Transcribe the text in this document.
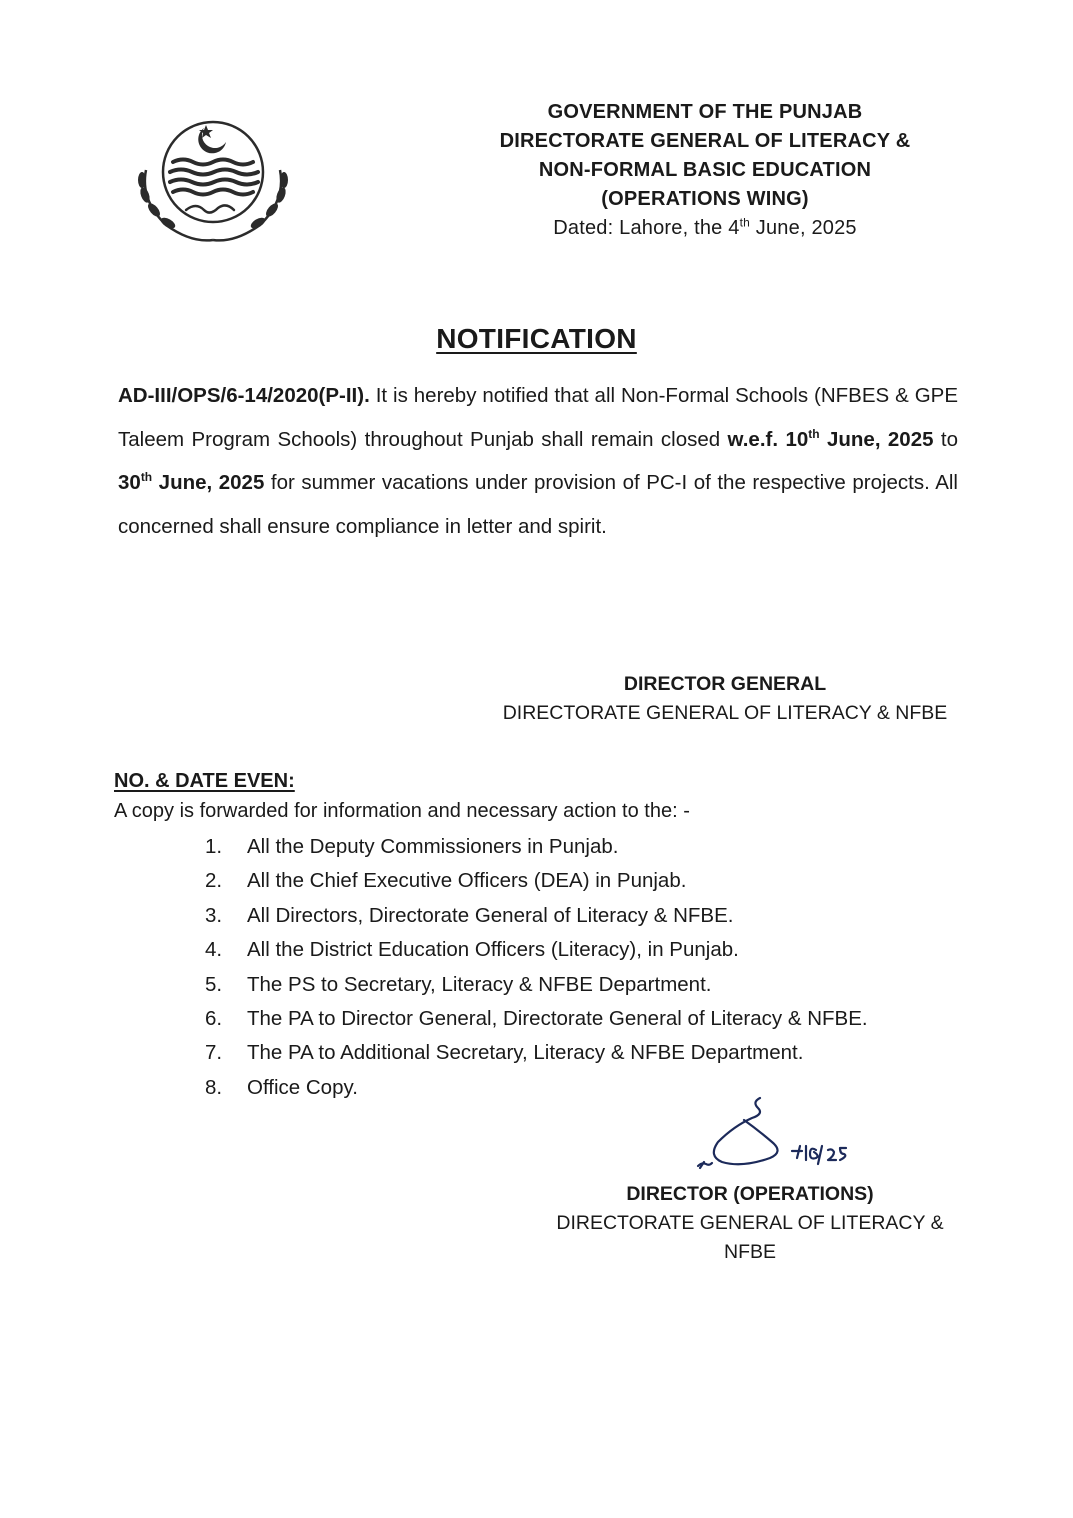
GOVERNMENT OF THE PUNJAB
DIRECTORATE GENERAL OF LITERACY &
NON-FORMAL BASIC EDUCATION
(OPERATIONS WING)
Dated: Lahore, the 4th June, 2025
NOTIFICATION
AD-III/OPS/6-14/2020(P-II). It is hereby notified that all Non-Formal Schools (NFBES & GPE Taleem Program Schools) throughout Punjab shall remain closed w.e.f. 10th June, 2025 to 30th June, 2025 for summer vacations under provision of PC-I of the respective projects. All concerned shall ensure compliance in letter and spirit.
DIRECTOR GENERAL
DIRECTORATE GENERAL OF LITERACY & NFBE
NO. & DATE EVEN:
A copy is forwarded for information and necessary action to the: -
1. All the Deputy Commissioners in Punjab.
2. All the Chief Executive Officers (DEA) in Punjab.
3. All Directors, Directorate General of Literacy & NFBE.
4. All the District Education Officers (Literacy), in Punjab.
5. The PS to Secretary, Literacy & NFBE Department.
6. The PA to Director General, Directorate General of Literacy & NFBE.
7. The PA to Additional Secretary, Literacy & NFBE Department.
8. Office Copy.
DIRECTOR (OPERATIONS)
DIRECTORATE GENERAL OF LITERACY & NFBE
